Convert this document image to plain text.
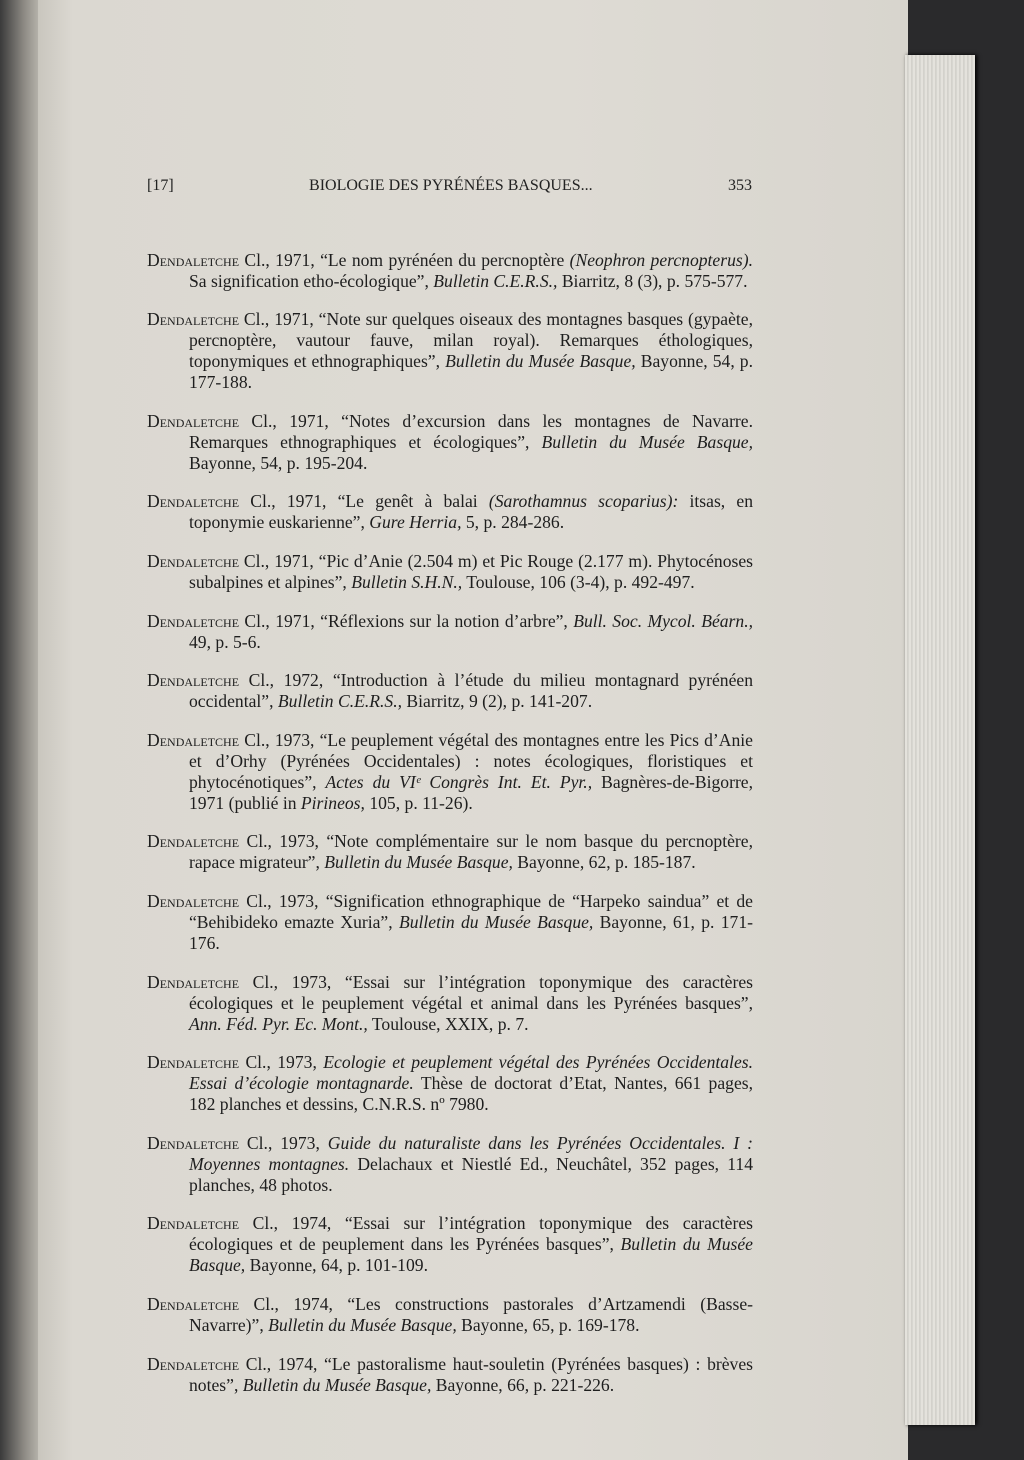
[17]	BIOLOGIE DES PYRÉNÉES BASQUES...	353

Dendaletche Cl., 1971, “Le nom pyrénéen du percnoptère (Neophron percnopterus). Sa signification etho-écologique”, Bulletin C.E.R.S., Biarritz, 8 (3), p. 575-577.

Dendaletche Cl., 1971, “Note sur quelques oiseaux des montagnes basques (gypaète, percnoptère, vautour fauve, milan royal). Remarques éthologiques, toponymiques et ethnographiques”, Bulletin du Musée Basque, Bayonne, 54, p. 177-188.

Dendaletche Cl., 1971, “Notes d’excursion dans les montagnes de Navarre. Remarques ethnographiques et écologiques”, Bulletin du Musée Basque, Bayonne, 54, p. 195-204.

Dendaletche Cl., 1971, “Le genêt à balai (Sarothamnus scoparius): itsas, en toponymie euskarienne”, Gure Herria, 5, p. 284-286.

Dendaletche Cl., 1971, “Pic d’Anie (2.504 m) et Pic Rouge (2.177 m). Phytocénoses subalpines et alpines”, Bulletin S.H.N., Toulouse, 106 (3-4), p. 492-497.

Dendaletche Cl., 1971, “Réflexions sur la notion d’arbre”, Bull. Soc. Mycol. Béarn., 49, p. 5-6.

Dendaletche Cl., 1972, “Introduction à l’étude du milieu montagnard pyrénéen occidental”, Bulletin C.E.R.S., Biarritz, 9 (2), p. 141-207.

Dendaletche Cl., 1973, “Le peuplement végétal des montagnes entre les Pics d’Anie et d’Orhy (Pyrénées Occidentales) : notes écologiques, floristiques et phytocénotiques”, Actes du VIᵉ Congrès Int. Et. Pyr., Bagnères-de-Bigorre, 1971 (publié in Pirineos, 105, p. 11-26).

Dendaletche Cl., 1973, “Note complémentaire sur le nom basque du percnoptère, rapace migrateur”, Bulletin du Musée Basque, Bayonne, 62, p. 185-187.

Dendaletche Cl., 1973, “Signification ethnographique de “Harpeko saindua” et de “Behibideko emazte Xuria”, Bulletin du Musée Basque, Bayonne, 61, p. 171-176.

Dendaletche Cl., 1973, “Essai sur l’intégration toponymique des caractères écologiques et le peuplement végétal et animal dans les Pyrénées basques”, Ann. Féd. Pyr. Ec. Mont., Toulouse, XXIX, p. 7.

Dendaletche Cl., 1973, Ecologie et peuplement végétal des Pyrénées Occidentales. Essai d’écologie montagnarde. Thèse de doctorat d’Etat, Nantes, 661 pages, 182 planches et dessins, C.N.R.S. nº 7980.

Dendaletche Cl., 1973, Guide du naturaliste dans les Pyrénées Occidentales. I : Moyennes montagnes. Delachaux et Niestlé Ed., Neuchâtel, 352 pages, 114 planches, 48 photos.

Dendaletche Cl., 1974, “Essai sur l’intégration toponymique des caractères écologiques et de peuplement dans les Pyrénées basques”, Bulletin du Musée Basque, Bayonne, 64, p. 101-109.

Dendaletche Cl., 1974, “Les constructions pastorales d’Artzamendi (Basse-Navarre)”, Bulletin du Musée Basque, Bayonne, 65, p. 169-178.

Dendaletche Cl., 1974, “Le pastoralisme haut-souletin (Pyrénées basques) : brèves notes”, Bulletin du Musée Basque, Bayonne, 66, p. 221-226.
